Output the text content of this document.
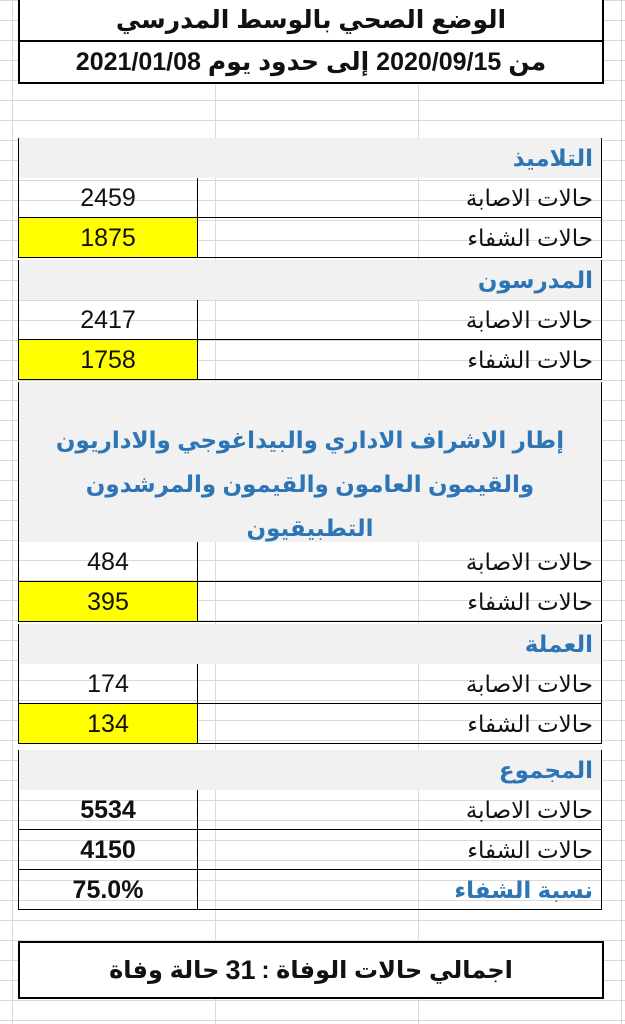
الوضع الصحي بالوسط المدرسي
من 2020/09/15 إلى حدود يوم 2021/01/08
التلاميذ
حالات الاصابة
2459
حالات الشفاء
1875
المدرسون
حالات الاصابة
2417
حالات الشفاء
1758
إطار الاشراف الاداري والبيداغوجي والاداريون
والقيمون العامون والقيمون والمرشدون التطبيقيون
حالات الاصابة
484
حالات الشفاء
395
العملة
حالات الاصابة
174
حالات الشفاء
134
المجموع
حالات الاصابة
5534
حالات الشفاء
4150
نسبة الشفاء
75.0%
اجمالي حالات الوفاة :
31
حالة وفاة
